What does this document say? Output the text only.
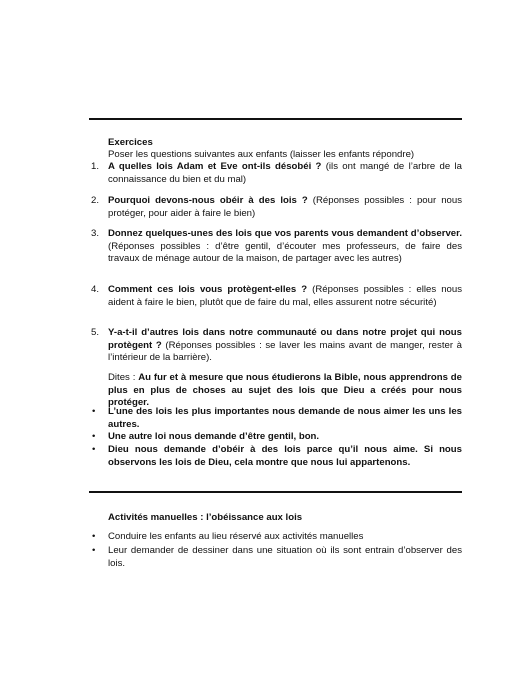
Exercices
Poser les questions suivantes aux enfants (laisser les enfants répondre)
1. A quelles lois Adam et Eve ont-ils désobéi ? (ils ont mangé de l’arbre de la connaissance du bien et du mal)

2. Pourquoi devons-nous obéir à des lois ? (Réponses possibles : pour nous protéger, pour aider à faire le bien)

3. Donnez quelques-unes des lois que vos parents vous demandent d’observer. (Réponses possibles : d’être gentil, d’écouter mes professeurs, de faire des travaux de ménage autour de la maison, de partager avec les autres)

4. Comment ces lois vous protègent-elles ? (Réponses possibles : elles nous aident à faire le bien, plutôt que de faire du mal, elles assurent notre sécurité)

5. Y-a-t-il d’autres lois dans notre communauté ou dans notre projet qui nous protègent ? (Réponses possibles : se laver les mains avant de manger, rester à l’intérieur de la barrière).

Dites : Au fur et à mesure que nous étudierons la Bible, nous apprendrons de plus en plus de choses au sujet des lois que Dieu a créés pour nous protéger.

• L’une des lois les plus importantes nous demande de nous aimer les uns les autres.

• Une autre loi nous demande d’être gentil, bon.

• Dieu nous demande d’obéir à des lois parce qu’il nous aime. Si nous observons les lois de Dieu, cela montre que nous lui appartenons.

Activités manuelles : l’obéissance aux lois
• Conduire les enfants au lieu réservé aux activités manuelles

• Leur demander de dessiner dans une situation où ils sont entrain d’observer des lois.
